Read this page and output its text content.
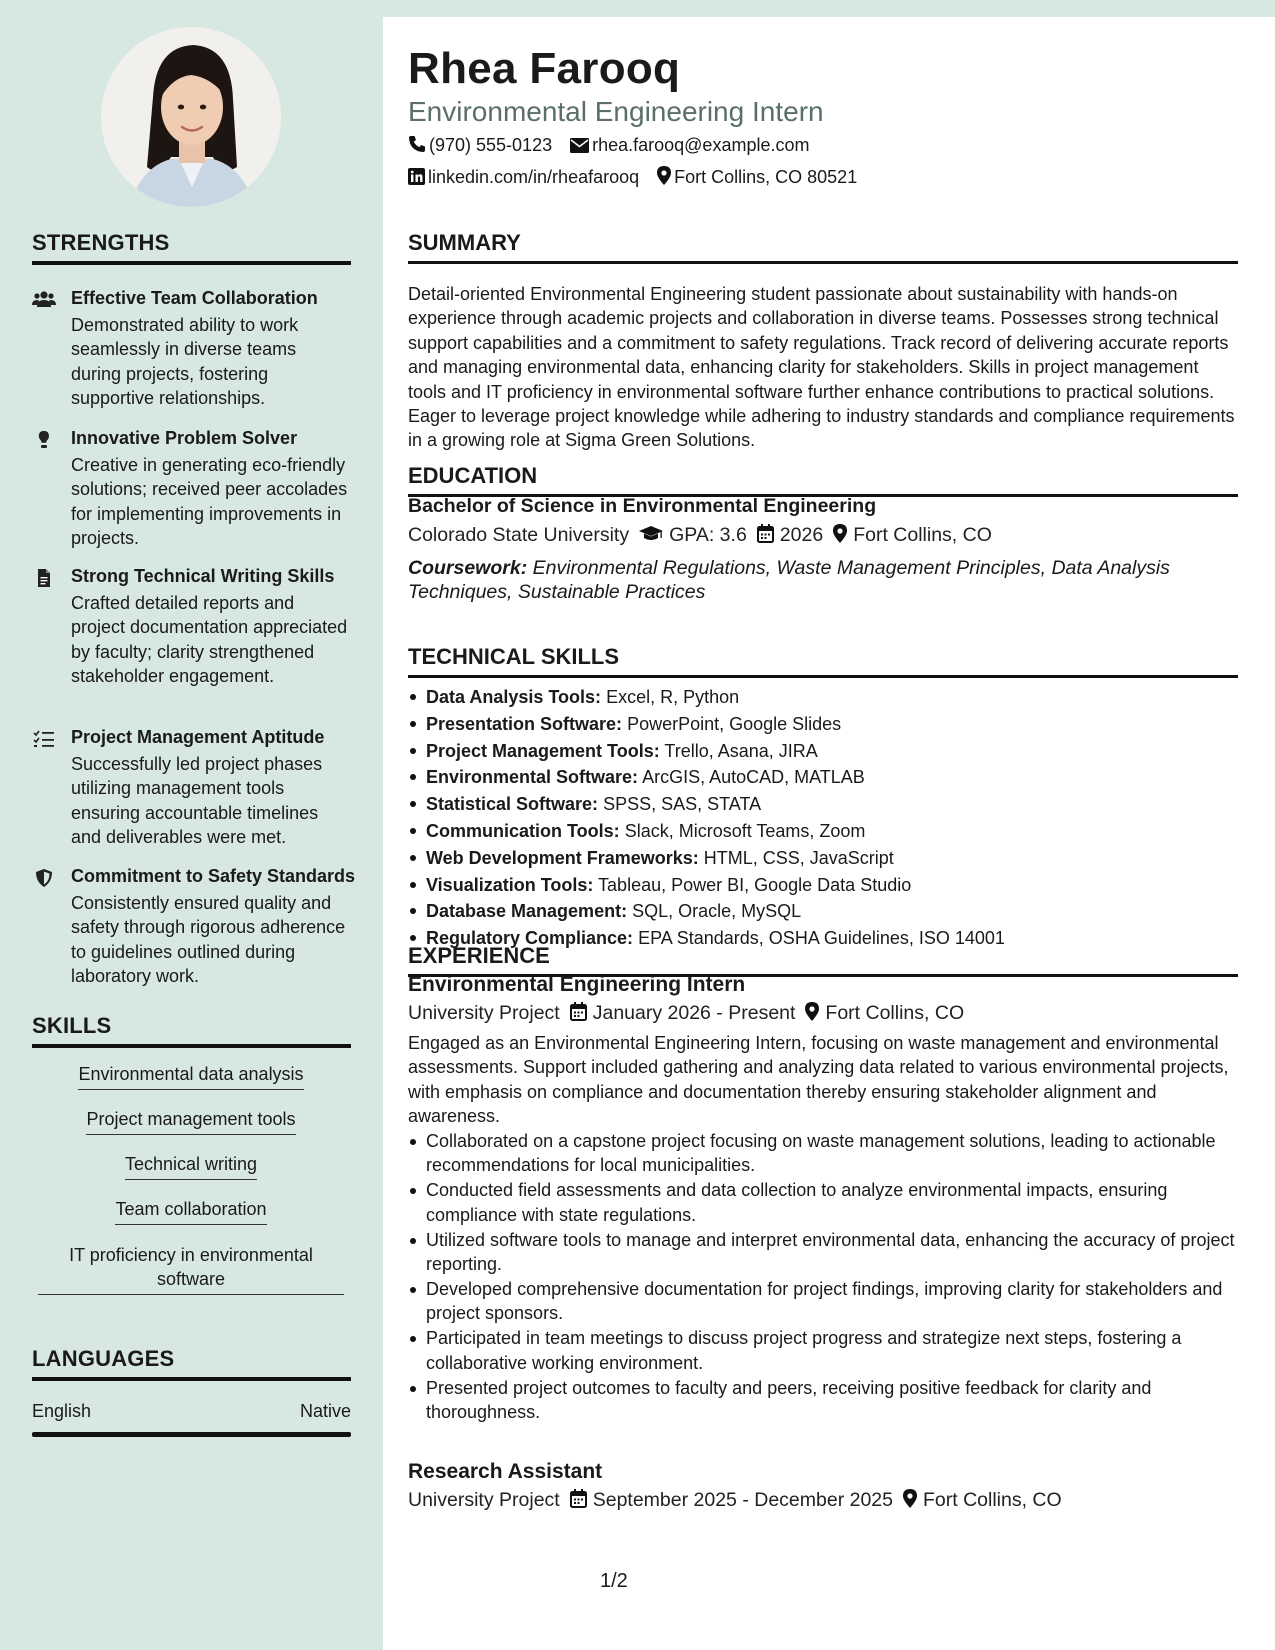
STRENGTHS
Effective Team Collaboration
Demonstrated ability to work seamlessly in diverse teams during projects, fostering supportive relationships.
Innovative Problem Solver
Creative in generating eco-friendly solutions; received peer accolades for implementing improvements in projects.
Strong Technical Writing Skills
Crafted detailed reports and project documentation appreciated by faculty; clarity strengthened stakeholder engagement.
Project Management Aptitude
Successfully led project phases utilizing management tools ensuring accountable timelines and deliverables were met.
Commitment to Safety Standards
Consistently ensured quality and safety through rigorous adherence to guidelines outlined during laboratory work.
SKILLS
Environmental data analysis
Project management tools
Technical writing
Team collaboration
IT proficiency in environmental software
LANGUAGES
English	Native
Rhea Farooq
Environmental Engineering Intern
(970) 555-0123 rhea.farooq@example.com
linkedin.com/in/rheafarooq Fort Collins, CO 80521
SUMMARY
Detail-oriented Environmental Engineering student passionate about sustainability with hands-on experience through academic projects and collaboration in diverse teams. Possesses strong technical support capabilities and a commitment to safety regulations. Track record of delivering accurate reports and managing environmental data, enhancing clarity for stakeholders. Skills in project management tools and IT proficiency in environmental software further enhance contributions to practical solutions. Eager to leverage project knowledge while adhering to industry standards and compliance requirements in a growing role at Sigma Green Solutions.
EDUCATION
Bachelor of Science in Environmental Engineering
Colorado State University GPA: 3.6 2026 Fort Collins, CO
Coursework: Environmental Regulations, Waste Management Principles, Data Analysis Techniques, Sustainable Practices
TECHNICAL SKILLS
Data Analysis Tools: Excel, R, Python
Presentation Software: PowerPoint, Google Slides
Project Management Tools: Trello, Asana, JIRA
Environmental Software: ArcGIS, AutoCAD, MATLAB
Statistical Software: SPSS, SAS, STATA
Communication Tools: Slack, Microsoft Teams, Zoom
Web Development Frameworks: HTML, CSS, JavaScript
Visualization Tools: Tableau, Power BI, Google Data Studio
Database Management: SQL, Oracle, MySQL
Regulatory Compliance: EPA Standards, OSHA Guidelines, ISO 14001
EXPERIENCE
Environmental Engineering Intern
University Project January 2026 - Present Fort Collins, CO
Engaged as an Environmental Engineering Intern, focusing on waste management and environmental assessments. Support included gathering and analyzing data related to various environmental projects, with emphasis on compliance and documentation thereby ensuring stakeholder alignment and awareness.
Collaborated on a capstone project focusing on waste management solutions, leading to actionable recommendations for local municipalities.
Conducted field assessments and data collection to analyze environmental impacts, ensuring compliance with state regulations.
Utilized software tools to manage and interpret environmental data, enhancing the accuracy of project reporting.
Developed comprehensive documentation for project findings, improving clarity for stakeholders and project sponsors.
Participated in team meetings to discuss project progress and strategize next steps, fostering a collaborative working environment.
Presented project outcomes to faculty and peers, receiving positive feedback for clarity and thoroughness.
Research Assistant
University Project September 2025 - December 2025 Fort Collins, CO
1/2
